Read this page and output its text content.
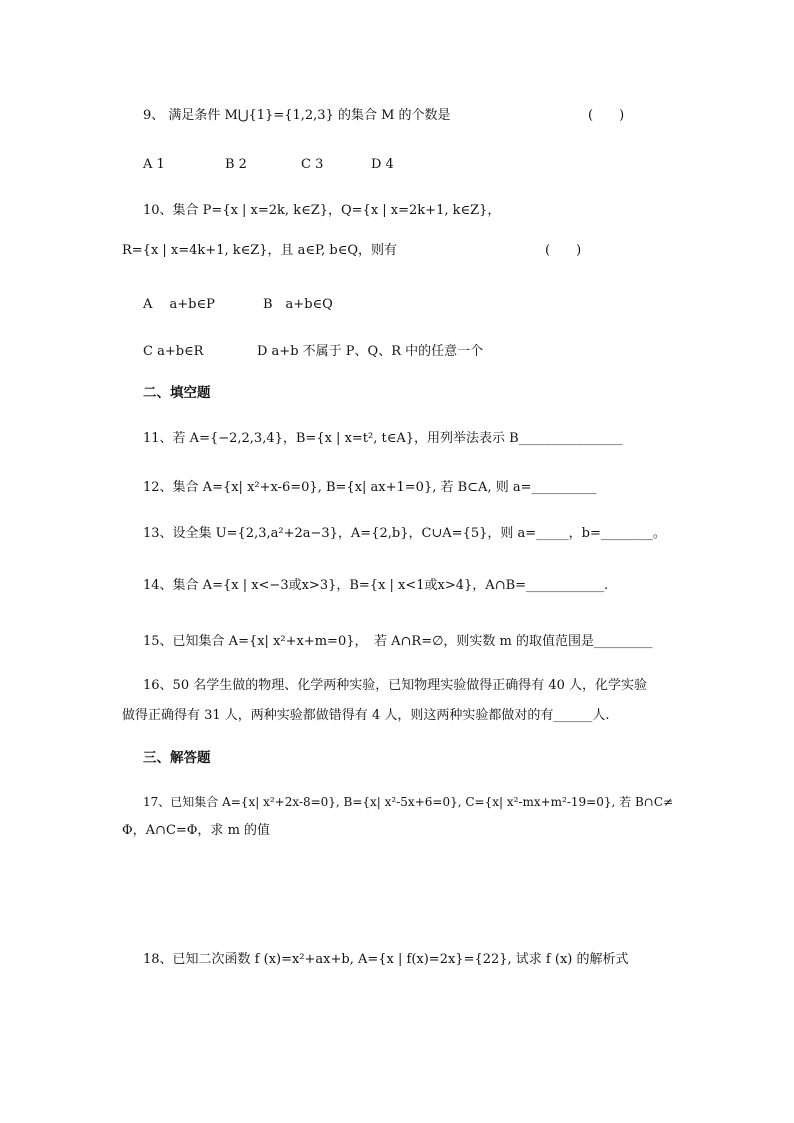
9、 满足条件 M⋃{1}={1,2,3} 的集合 M 的个数是	(　　)
A 1	B 2	C 3	D 4
10、集合 P={x | x=2k, k∈Z}，Q={x | x=2k+1, k∈Z}，
R={x | x=4k+1, k∈Z}，且 a∈P, b∈Q，则有	(　　)
A　 a+b∈P	B　a+b∈Q
C a+b∈R	D a+b 不属于 P、Q、R 中的任意一个
二、填空题
11、若 A={−2,2,3,4}，B={x | x=t², t∈A}，用列举法表示 B________________
12、集合 A={x| x²+x-6=0}, B={x| ax+1=0}, 若 B⊂A, 则 a=__________
13、设全集 U={2,3,a²+2a−3}，A={2,b}，C∪A={5}，则 a=_____，b=________。
14、集合 A={x | x<−3或x>3}，B={x | x<1或x>4}，A∩B=____________.
15、已知集合 A={x| x²+x+m=0}，　若 A∩R=∅，则实数 m 的取值范围是_________
16、50 名学生做的物理、化学两种实验，已知物理实验做得正确得有 40 人，化学实验
做得正确得有 31 人，两种实验都做错得有 4 人，则这两种实验都做对的有______人.
三、解答题
17、已知集合 A={x| x²+2x-8=0}, B={x| x²-5x+6=0}, C={x| x²-mx+m²-19=0}, 若 B∩C≠
Φ，A∩C=Φ，求 m 的值
18、已知二次函数 f (x)=x²+ax+b, A={x | f(x)=2x}={22}, 试求 f (x) 的解析式
